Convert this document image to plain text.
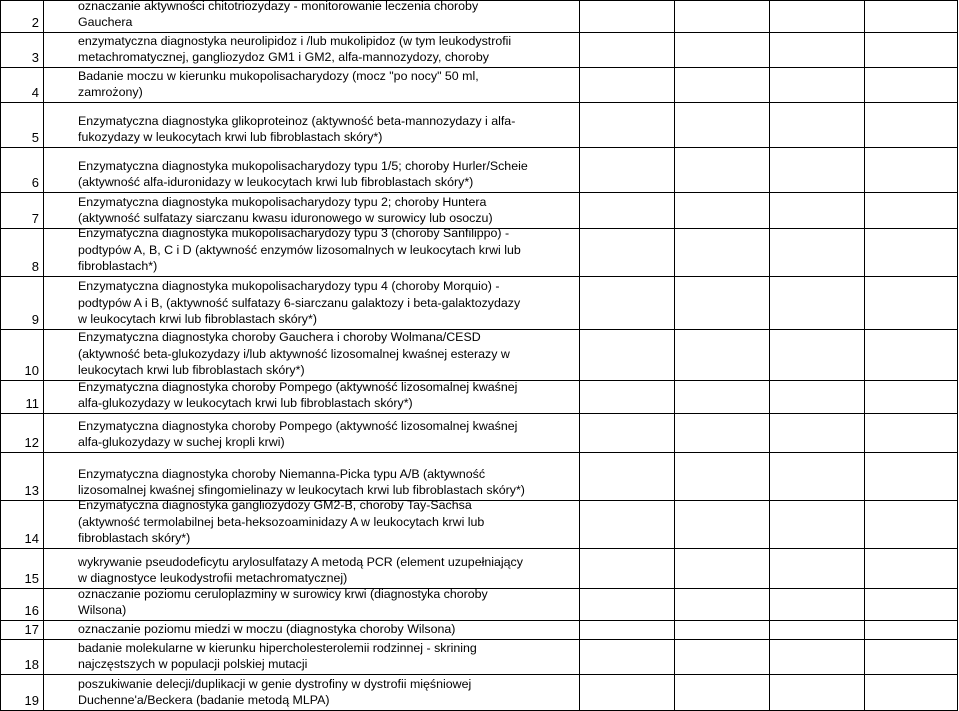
2
oznaczanie aktywności chitotriozydazy - monitorowanie leczenia choroby
Gauchera
3
enzymatyczna diagnostyka neurolipidoz i /lub mukolipidoz (w tym leukodystrofii
metachromatycznej, gangliozydoz GM1 i GM2, alfa-mannozydozy, choroby
4
Badanie moczu w kierunku mukopolisacharydozy (mocz "po nocy" 50 ml,
zamrożony)
5
Enzymatyczna diagnostyka glikoproteinoz (aktywność beta-mannozydazy i alfa-
fukozydazy w leukocytach krwi lub fibroblastach skóry*)
6
Enzymatyczna diagnostyka mukopolisacharydozy typu 1/5; choroby Hurler/Scheie
(aktywność alfa-iduronidazy w leukocytach krwi lub fibroblastach skóry*)
7
Enzymatyczna diagnostyka mukopolisacharydozy typu 2; choroby Huntera
(aktywność sulfatazy siarczanu kwasu iduronowego w surowicy lub osoczu)
8
Enzymatyczna diagnostyka mukopolisacharydozy typu 3 (choroby Sanfilippo) -
podtypów A, B, C i D (aktywność enzymów lizosomalnych w leukocytach krwi lub
fibroblastach*)
9
Enzymatyczna diagnostyka mukopolisacharydozy typu 4 (choroby Morquio) -
podtypów A i B, (aktywność sulfatazy 6-siarczanu galaktozy i beta-galaktozydazy
w leukocytach krwi lub fibroblastach skóry*)
10
Enzymatyczna diagnostyka choroby Gauchera i choroby Wolmana/CESD
(aktywność beta-glukozydazy i/lub aktywność lizosomalnej kwaśnej esterazy w
leukocytach krwi lub fibroblastach skóry*)
11
Enzymatyczna diagnostyka choroby Pompego (aktywność lizosomalnej kwaśnej
alfa-glukozydazy w leukocytach krwi lub fibroblastach skóry*)
12
Enzymatyczna diagnostyka choroby Pompego (aktywność lizosomalnej kwaśnej
alfa-glukozydazy w suchej kropli krwi)
13
Enzymatyczna diagnostyka choroby Niemanna-Picka typu A/B (aktywność
lizosomalnej kwaśnej sfingomielinazy w leukocytach krwi lub fibroblastach skóry*)
14
Enzymatyczna diagnostyka gangliozydozy GM2-B, choroby Tay-Sachsa
(aktywność termolabilnej beta-heksozoaminidazy A w leukocytach krwi lub
fibroblastach skóry*)
15
wykrywanie pseudodeficytu arylosulfatazy A metodą PCR (element uzupełniający
w diagnostyce leukodystrofii metachromatycznej)
16
oznaczanie poziomu ceruloplazminy w surowicy krwi (diagnostyka choroby
Wilsona)
17	oznaczanie poziomu miedzi w moczu (diagnostyka choroby Wilsona)
18
badanie molekularne w kierunku hipercholesterolemii rodzinnej - skrining
najczęstszych w populacji polskiej mutacji
19
poszukiwanie delecji/duplikacji w genie dystrofiny w dystrofii mięśniowej
Duchenne'a/Beckera (badanie metodą MLPA)
